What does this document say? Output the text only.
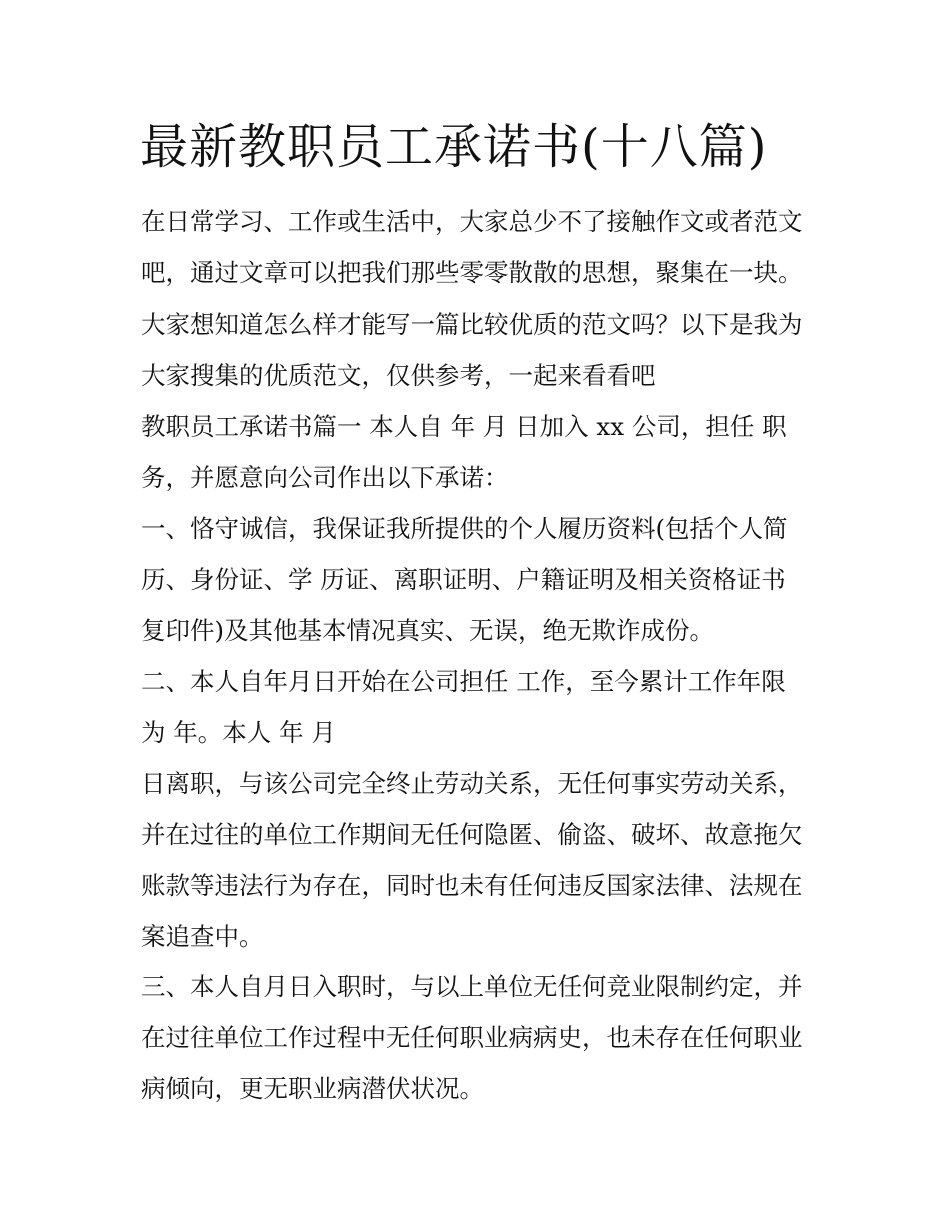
最新教职员工承诺书(十八篇)

在日常学习、工作或生活中，大家总少不了接触作文或者范文

吧，通过文章可以把我们那些零零散散的思想，聚集在一块。

大家想知道怎么样才能写一篇比较优质的范文吗？以下是我为

大家搜集的优质范文，仅供参考，一起来看看吧

教职员工承诺书篇一 本人自 年 月 日加入 xx 公司，担任 职

务，并愿意向公司作出以下承诺：

一、恪守诚信，我保证我所提供的个人履历资料(包括个人简

历、身份证、学 历证、离职证明、户籍证明及相关资格证书

复印件)及其他基本情况真实、无误，绝无欺诈成份。

二、本人自年月日开始在公司担任 工作，至今累计工作年限

为 年。本人 年 月

日离职，与该公司完全终止劳动关系，无任何事实劳动关系，

并在过往的单位工作期间无任何隐匿、偷盗、破坏、故意拖欠

账款等违法行为存在，同时也未有任何违反国家法律、法规在

案追查中。

三、本人自月日入职时，与以上单位无任何竞业限制约定，并

在过往单位工作过程中无任何职业病病史，也未存在任何职业

病倾向，更无职业病潜伏状况。
